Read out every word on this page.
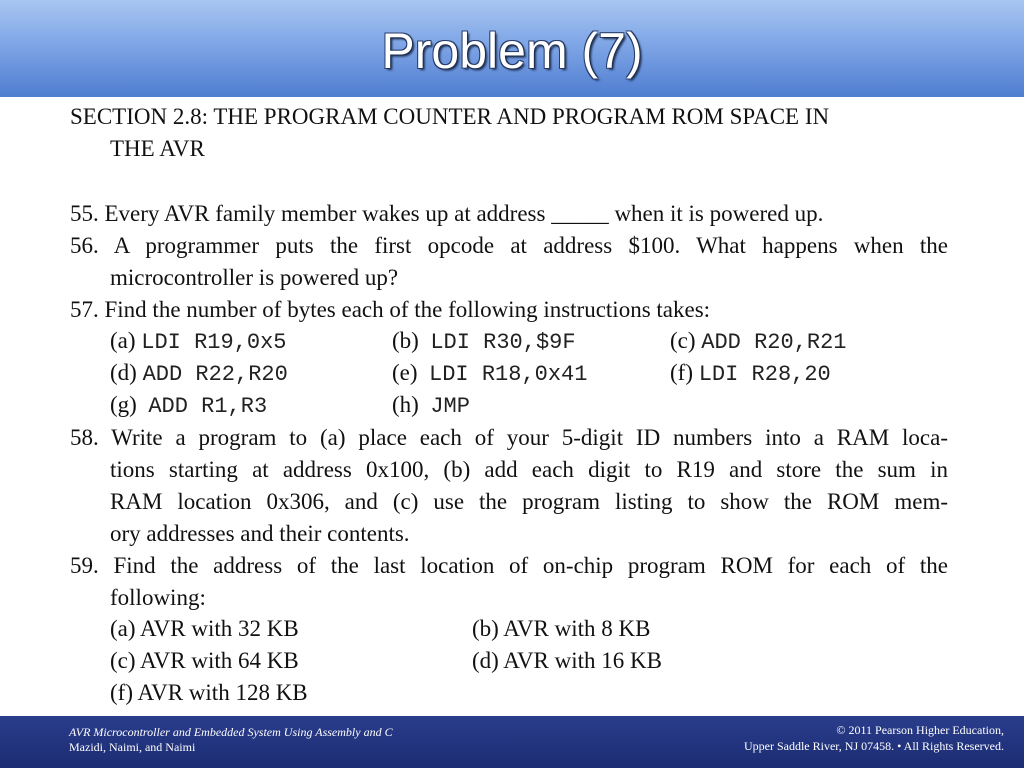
Problem (7)
SECTION 2.8: THE PROGRAM COUNTER AND PROGRAM ROM SPACE IN
THE AVR
55. Every AVR family member wakes up at address _____ when it is powered up.
56. A programmer puts the first opcode at address $100. What happens when the
microcontroller is powered up?
57. Find the number of bytes each of the following instructions takes:
(a) LDI R19,0x5	(b) LDI R30,$9F	(c) ADD R20,R21
(d) ADD R22,R20	(e) LDI R18,0x41	(f) LDI R28,20
(g) ADD R1,R3	(h) JMP
58. Write a program to (a) place each of your 5-digit ID numbers into a RAM loca-
tions starting at address 0x100, (b) add each digit to R19 and store the sum in
RAM location 0x306, and (c) use the program listing to show the ROM mem-
ory addresses and their contents.
59. Find the address of the last location of on-chip program ROM for each of the
following:
(a) AVR with 32 KB	(b) AVR with 8 KB
(c) AVR with 64 KB	(d) AVR with 16 KB
(f) AVR with 128 KB
AVR Microcontroller and Embedded System Using Assembly and C
Mazidi, Naimi, and Naimi
© 2011 Pearson Higher Education,
Upper Saddle River, NJ 07458. • All Rights Reserved.
